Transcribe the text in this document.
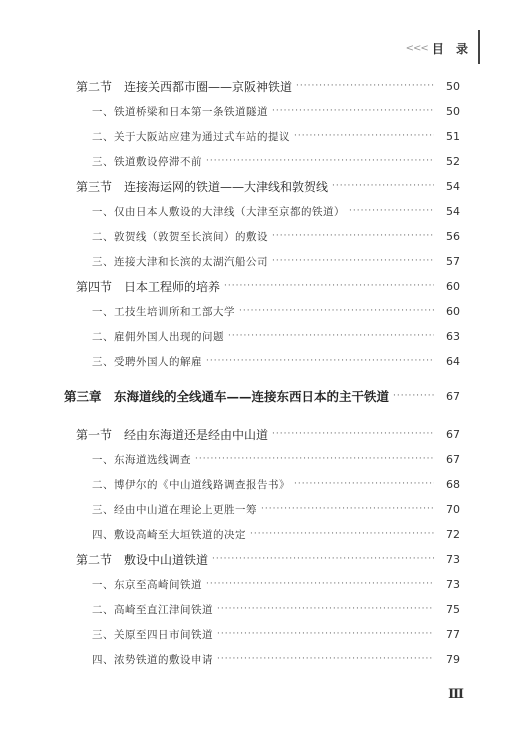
<<< 目 录
第二节　连接关西都市圈——京阪神铁道 ·····	50
一、铁道桥梁和日本第一条铁道隧道 ·····	50
二、关于大阪站应建为通过式车站的提议 ·····	51
三、铁道敷设停滞不前 ·····	52
第三节　连接海运网的铁道——大津线和敦贺线 ·····	54
一、仅由日本人敷设的大津线（大津至京都的铁道） ·····	54
二、敦贺线（敦贺至长滨间）的敷设 ·····	56
三、连接大津和长滨的太湖汽船公司 ·····	57
第四节　日本工程师的培养 ·····	60
一、工技生培训所和工部大学 ·····	60
二、雇佣外国人出现的问题 ·····	63
三、受聘外国人的解雇 ·····	64
第三章　东海道线的全线通车——连接东西日本的主干铁道 ·····	67
第一节　经由东海道还是经由中山道 ·····	67
一、东海道选线调查 ·····	67
二、博伊尔的《中山道线路调查报告书》 ·····	68
三、经由中山道在理论上更胜一筹 ·····	70
四、敷设高崎至大垣铁道的决定 ·····	72
第二节　敷设中山道铁道 ·····	73
一、东京至高崎间铁道 ·····	73
二、高崎至直江津间铁道 ·····	75
三、关原至四日市间铁道 ·····	77
四、浓势铁道的敷设申请 ·····	79
Ⅲ
